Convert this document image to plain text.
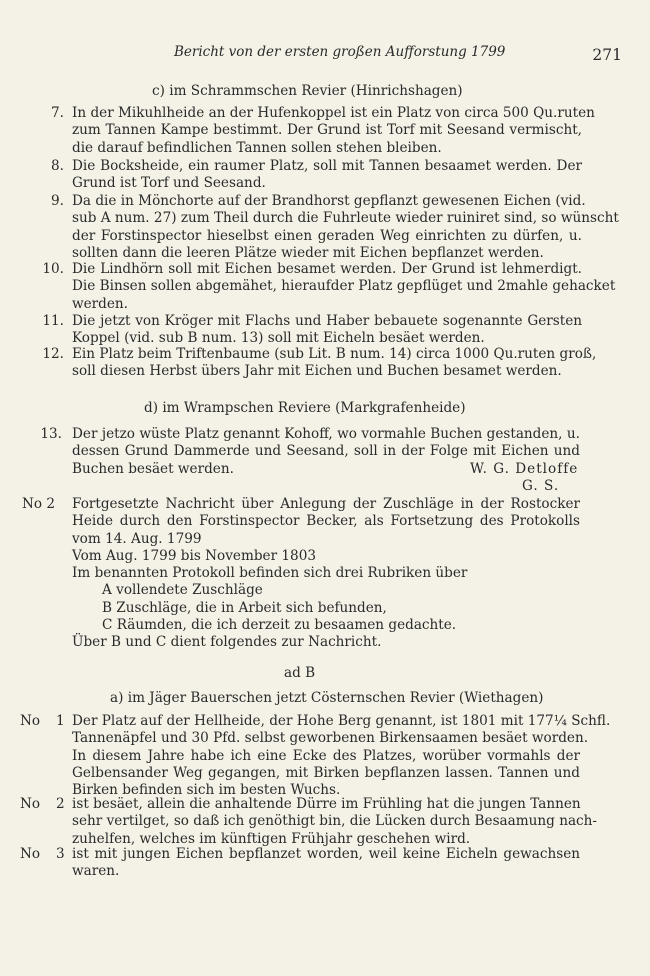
Bericht von der ersten großen Aufforstung 1799	271
c) im Schrammschen Revier (Hinrichshagen)
7. In der Mikuhlheide an der Hufenkoppel ist ein Platz von circa 500 Qu.ruten
zum Tannen Kampe bestimmt. Der Grund ist Torf mit Seesand vermischt,
die darauf befindlichen Tannen sollen stehen bleiben.
8. Die Bocksheide, ein raumer Platz, soll mit Tannen besaamet werden. Der
Grund ist Torf und Seesand.
9. Da die in Mönchorte auf der Brandhorst gepflanzt gewesenen Eichen (vid.
sub A num. 27) zum Theil durch die Fuhrleute wieder ruiniret sind, so wünscht
der Forstinspector hieselbst einen geraden Weg einrichten zu dürfen, u.
sollten dann die leeren Plätze wieder mit Eichen bepflanzet werden.
10. Die Lindhörn soll mit Eichen besamet werden. Der Grund ist lehmerdigt.
Die Binsen sollen abgemähet, hieraufder Platz gepflüget und 2mahle gehacket
werden.
11. Die jetzt von Kröger mit Flachs und Haber bebauete sogenannte Gersten
Koppel (vid. sub B num. 13) soll mit Eicheln besäet werden.
12. Ein Platz beim Triftenbaume (sub Lit. B num. 14) circa 1000 Qu.ruten groß,
soll diesen Herbst übers Jahr mit Eichen und Buchen besamet werden.
d) im Wrampschen Reviere (Markgrafenheide)
13. Der jetzo wüste Platz genannt Kohoff, wo vormahle Buchen gestanden, u.
dessen Grund Dammerde und Seesand, soll in der Folge mit Eichen und
Buchen besäet werden.	W. G. Detloffe
G. S.
No 2 Fortgesetzte Nachricht über Anlegung der Zuschläge in der Rostocker
Heide durch den Forstinspector Becker, als Fortsetzung des Protokolls
vom 14. Aug. 1799
Vom Aug. 1799 bis November 1803
Im benannten Protokoll befinden sich drei Rubriken über
A vollendete Zuschläge
B Zuschläge, die in Arbeit sich befunden,
C Räumden, die ich derzeit zu besaamen gedachte.
Über B und C dient folgendes zur Nachricht.
ad B
a) im Jäger Bauerschen jetzt Cösternschen Revier (Wiethagen)
No 1 Der Platz auf der Hellheide, der Hohe Berg genannt, ist 1801 mit 177¼ Schfl.
Tannenäpfel und 30 Pfd. selbst geworbenen Birkensaamen besäet worden.
In diesem Jahre habe ich eine Ecke des Platzes, worüber vormahls der
Gelbensander Weg gegangen, mit Birken bepflanzen lassen. Tannen und
Birken befinden sich im besten Wuchs.
No 2 ist besäet, allein die anhaltende Dürre im Frühling hat die jungen Tannen
sehr vertilget, so daß ich genöthigt bin, die Lücken durch Besaamung nach-
zuhelfen, welches im künftigen Frühjahr geschehen wird.
No 3 ist mit jungen Eichen bepflanzet worden, weil keine Eicheln gewachsen
waren.
